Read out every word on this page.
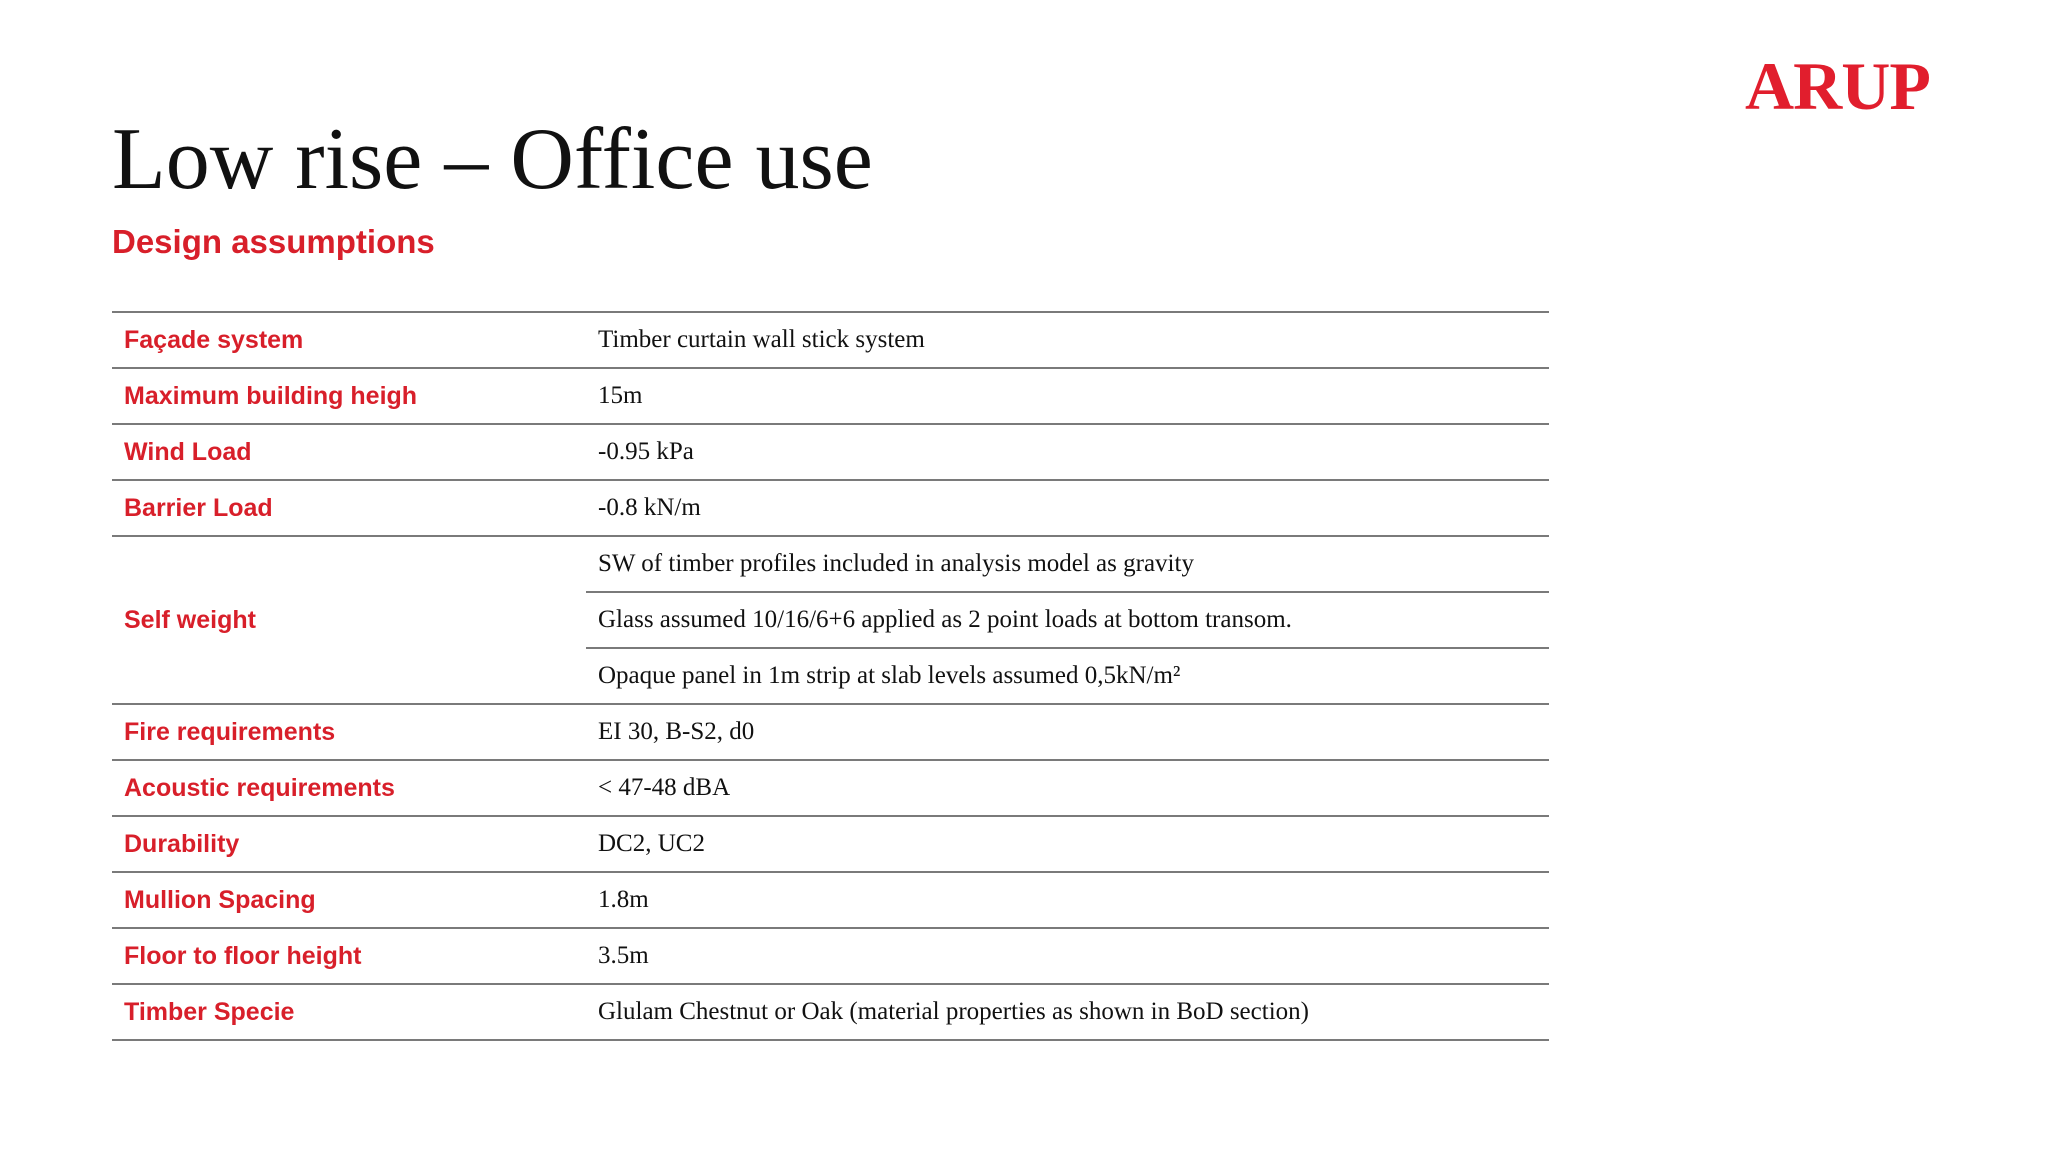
ARUP
Low rise – Office use
Design assumptions
Façade system	Timber curtain wall stick system
Maximum building heigh	15m
Wind Load	-0.95 kPa
Barrier Load	-0.8 kN/m
Self weight	SW of timber profiles included in analysis model as gravity
	Glass assumed 10/16/6+6 applied as 2 point loads at bottom transom.
	Opaque panel in 1m strip at slab levels assumed 0,5kN/m²
Fire requirements	EI 30, B-S2, d0
Acoustic requirements	< 47-48 dBA
Durability	DC2, UC2
Mullion Spacing	1.8m
Floor to floor height	3.5m
Timber Specie	Glulam Chestnut or Oak (material properties as shown in BoD section)
